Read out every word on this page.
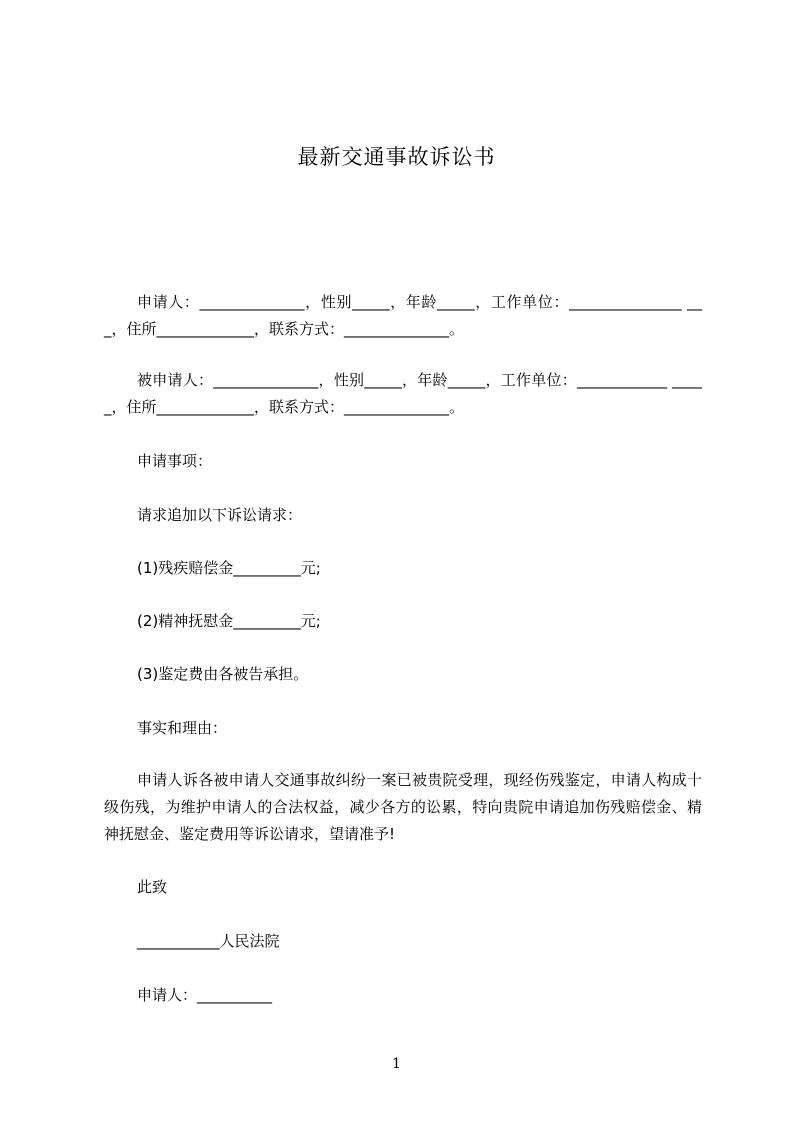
最新交通事故诉讼书
申请人：______________，性别_____，年龄_____，工作单位：_______________ ___，住所_____________，联系方式：______________。
被申请人：______________，性别_____，年龄_____，工作单位：____________ _____，住所_____________，联系方式：______________。
申请事项：
请求追加以下诉讼请求：
(1)残疾赔偿金_________元;
(2)精神抚慰金_________元;
(3)鉴定费由各被告承担。
事实和理由：
申请人诉各被申请人交通事故纠纷一案已被贵院受理，现经伤残鉴定，申请人构成十级伤残，为维护申请人的合法权益，减少各方的讼累，特向贵院申请追加伤残赔偿金、精神抚慰金、鉴定费用等诉讼请求，望请准予!
此致
___________人民法院
申请人：__________
1
